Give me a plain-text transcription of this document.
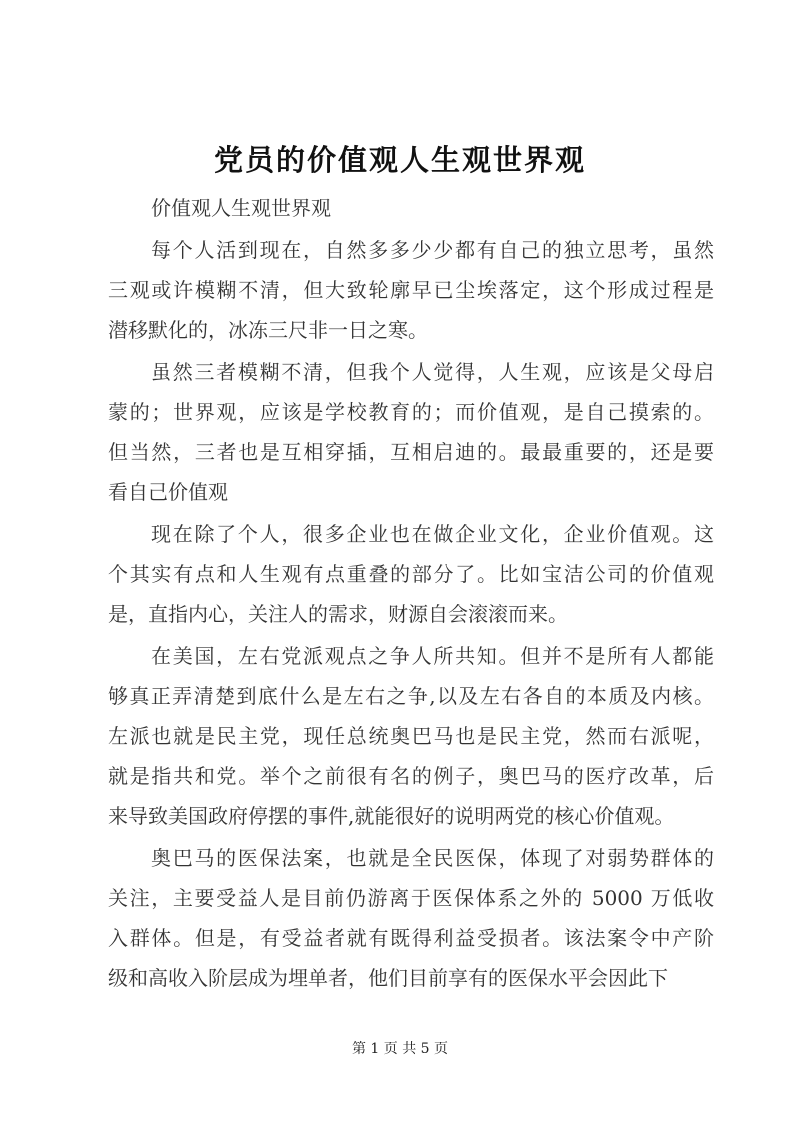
党员的价值观人生观世界观
价值观人生观世界观
每个人活到现在，自然多多少少都有自己的独立思考，虽然
三观或许模糊不清，但大致轮廓早已尘埃落定，这个形成过程是
潜移默化的，冰冻三尺非一日之寒。
虽然三者模糊不清，但我个人觉得，人生观，应该是父母启
蒙的；世界观，应该是学校教育的；而价值观，是自己摸索的。
但当然，三者也是互相穿插，互相启迪的。最最重要的，还是要
看自己价值观
现在除了个人，很多企业也在做企业文化，企业价值观。这
个其实有点和人生观有点重叠的部分了。比如宝洁公司的价值观
是，直指内心，关注人的需求，财源自会滚滚而来。
在美国，左右党派观点之争人所共知。但并不是所有人都能
够真正弄清楚到底什么是左右之争,以及左右各自的本质及内核。
左派也就是民主党，现任总统奥巴马也是民主党，然而右派呢，
就是指共和党。举个之前很有名的例子，奥巴马的医疗改革，后
来导致美国政府停摆的事件,就能很好的说明两党的核心价值观。
奥巴马的医保法案，也就是全民医保，体现了对弱势群体的
关注，主要受益人是目前仍游离于医保体系之外的 5000 万低收
入群体。但是，有受益者就有既得利益受损者。该法案令中产阶
级和高收入阶层成为埋单者，他们目前享有的医保水平会因此下
第 1 页 共 5 页
